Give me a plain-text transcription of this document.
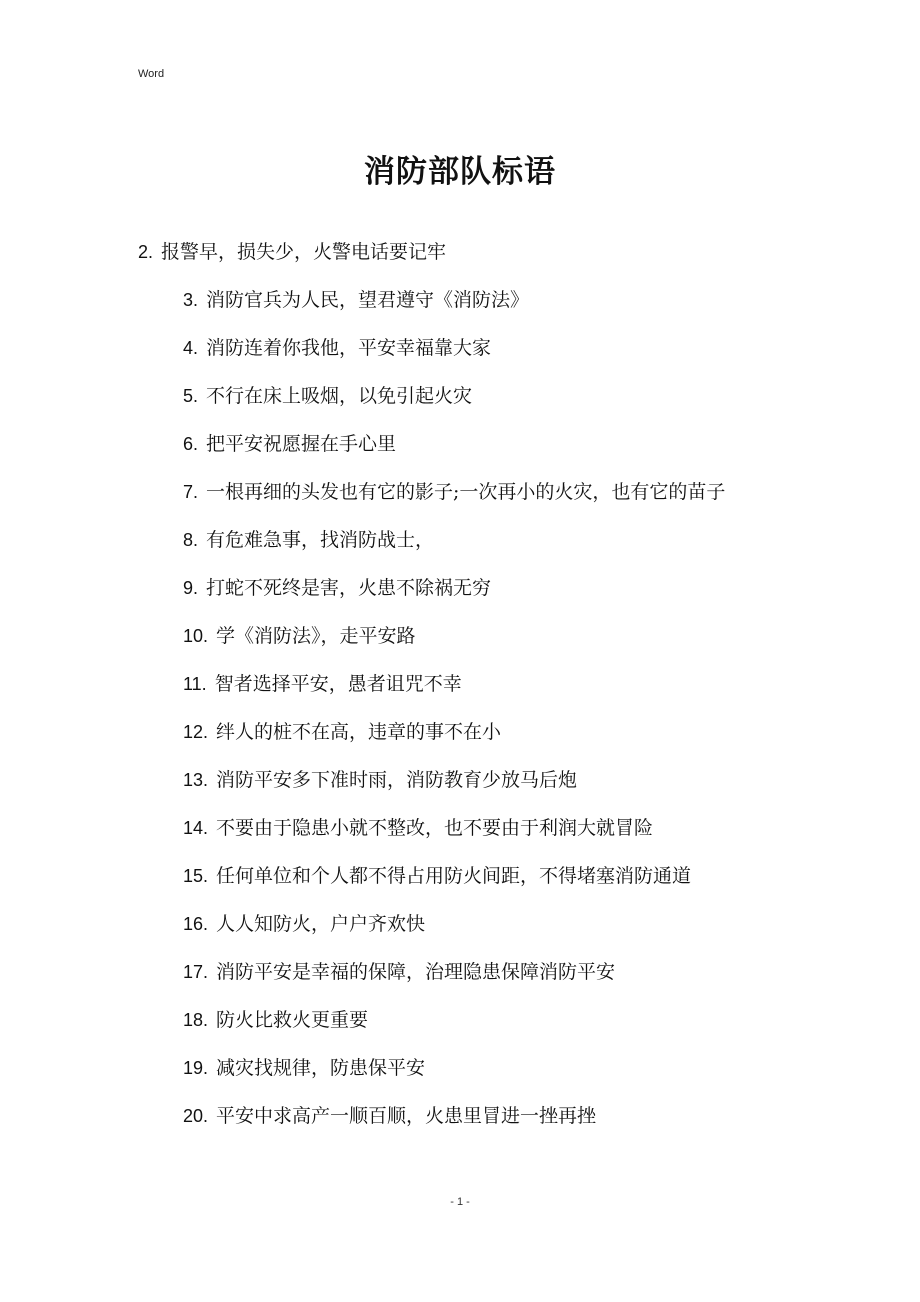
Word
消防部队标语
2. 报警早，损失少，火警电话要记牢
3. 消防官兵为人民，望君遵守《消防法》
4. 消防连着你我他，平安幸福靠大家
5. 不行在床上吸烟，以免引起火灾
6. 把平安祝愿握在手心里
7. 一根再细的头发也有它的影子;一次再小的火灾，也有它的苗子
8. 有危难急事，找消防战士，
9. 打蛇不死终是害，火患不除祸无穷
10. 学《消防法》，走平安路
11. 智者选择平安，愚者诅咒不幸
12. 绊人的桩不在高，违章的事不在小
13. 消防平安多下准时雨，消防教育少放马后炮
14. 不要由于隐患小就不整改，也不要由于利润大就冒险
15. 任何单位和个人都不得占用防火间距，不得堵塞消防通道
16. 人人知防火，户户齐欢快
17. 消防平安是幸福的保障，治理隐患保障消防平安
18. 防火比救火更重要
19. 减灾找规律，防患保平安
20. 平安中求高产一顺百顺，火患里冒进一挫再挫
- 1 -
